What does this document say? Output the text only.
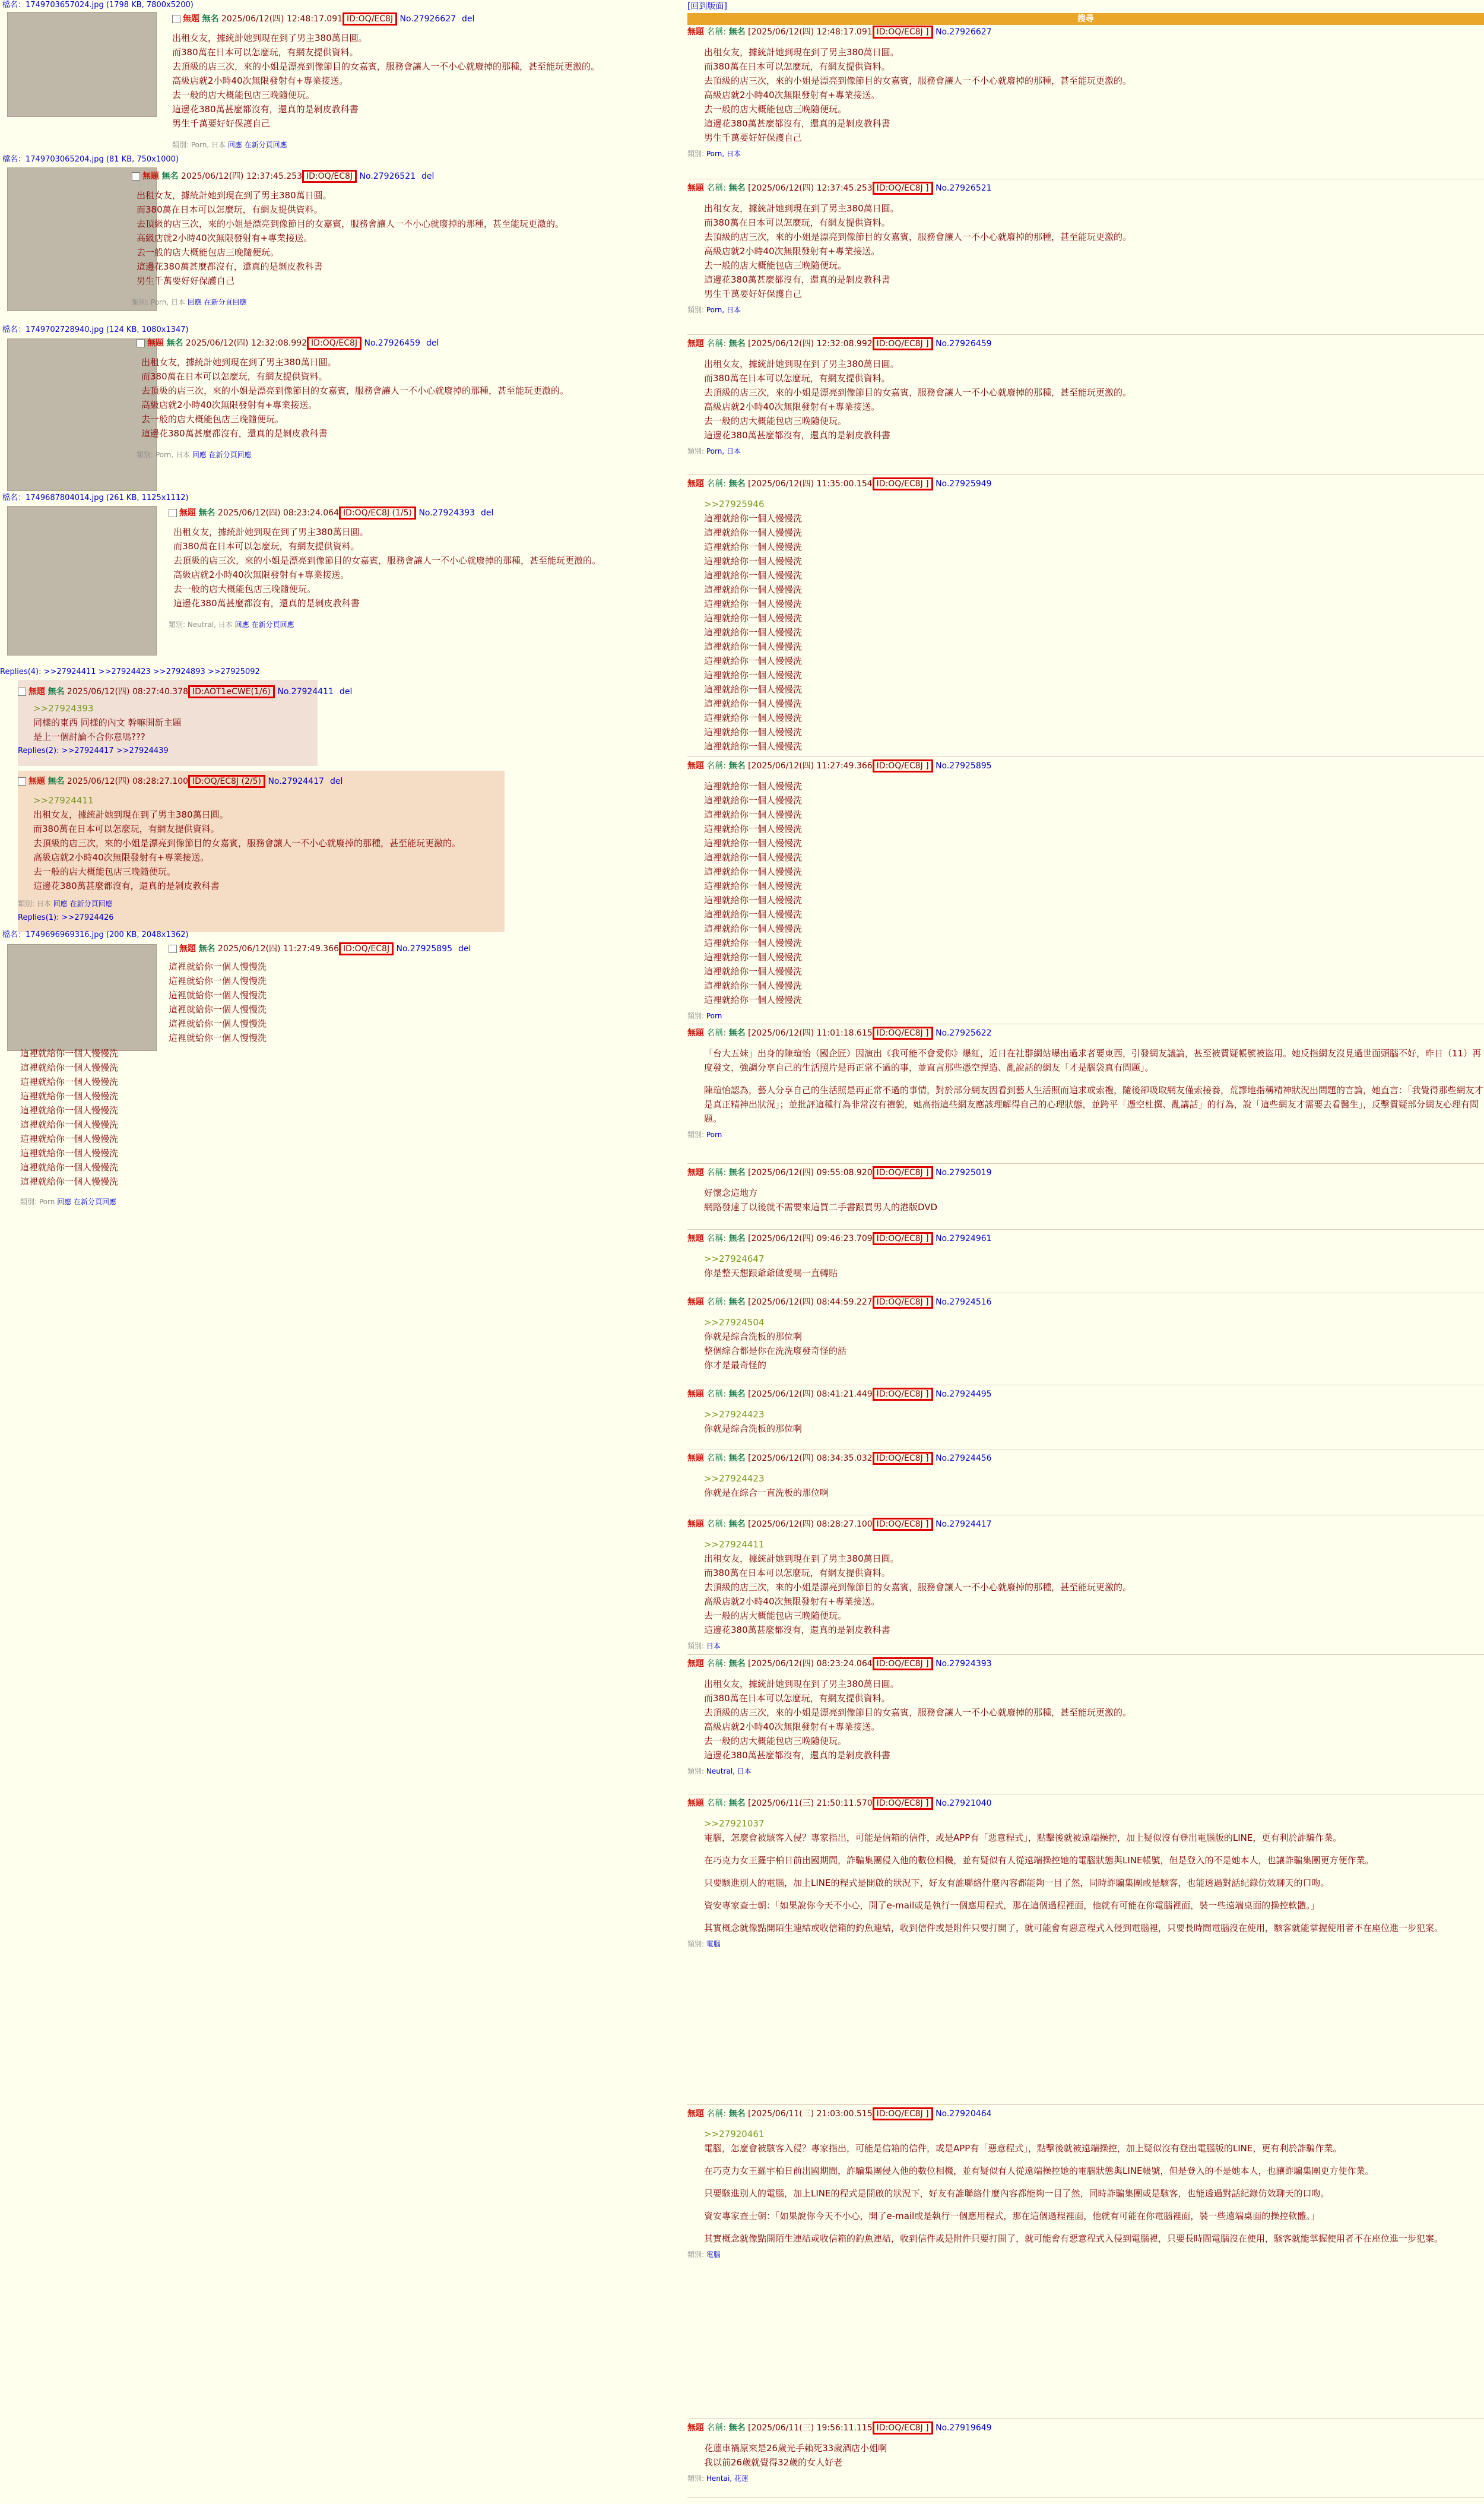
檔名：1749703657024.jpg (1798 KB, 7800x5200)
無題 無名 2025/06/12(四) 12:48:17.091 ID:OQ/EC8J No.27926627 del
出租女友，據統計她到現在到了男主380萬日圓。
而380萬在日本可以怎麼玩，有網友提供資料。
去頂級的店三次，來的小姐是漂亮到像節目的女嘉賓，服務會讓人一不小心就廢掉的那種，甚至能玩更激的。
高級店就2小時40次無限發射有+專業接送。
去一般的店大概能包店三晚隨便玩。
這邊花380萬甚麼都沒有，還真的是剝皮教科書
男生千萬要好好保護自己
類別: Porn, 日本 回應 在新分頁回應
檔名：1749703065204.jpg (81 KB, 750x1000)
無題 無名 2025/06/12(四) 12:37:45.253 ID:OQ/EC8J No.27926521 del
出租女友，據統計她到現在到了男主380萬日圓。
而380萬在日本可以怎麼玩，有網友提供資料。
去頂級的店三次，來的小姐是漂亮到像節目的女嘉賓，服務會讓人一不小心就廢掉的那種，甚至能玩更激的。
高級店就2小時40次無限發射有+專業接送。
去一般的店大概能包店三晚隨便玩。
這邊花380萬甚麼都沒有，還真的是剝皮教科書
男生千萬要好好保護自己
類別: Porn, 日本 回應 在新分頁回應
檔名：1749702728940.jpg (124 KB, 1080x1347)
無題 無名 2025/06/12(四) 12:32:08.992 ID:OQ/EC8J No.27926459 del
出租女友，據統計她到現在到了男主380萬日圓。
而380萬在日本可以怎麼玩，有網友提供資料。
去頂級的店三次，來的小姐是漂亮到像節目的女嘉賓，服務會讓人一不小心就廢掉的那種，甚至能玩更激的。
高級店就2小時40次無限發射有+專業接送。
去一般的店大概能包店三晚隨便玩。
這邊花380萬甚麼都沒有，還真的是剝皮教科書
類別: Porn, 日本 回應 在新分頁回應
檔名：1749687804014.jpg (261 KB, 1125x1112)
無題 無名 2025/06/12(四) 08:23:24.064 ID:OQ/EC8J (1/5) No.27924393 del
出租女友，據統計她到現在到了男主380萬日圓。
而380萬在日本可以怎麼玩，有網友提供資料。
去頂級的店三次，來的小姐是漂亮到像節目的女嘉賓，服務會讓人一不小心就廢掉的那種，甚至能玩更激的。
高級店就2小時40次無限發射有+專業接送。
去一般的店大概能包店三晚隨便玩。
這邊花380萬甚麼都沒有，還真的是剝皮教科書
類別: Neutral, 日本 回應 在新分頁回應
Replies(4): >>27924411 >>27924423 >>27924893 >>27925092
無題 無名 2025/06/12(四) 08:27:40.378 ID:AOT1eCWE(1/6) No.27924411 del
>>27924393
同樣的東西 同樣的內文 幹嘛開新主題
是上一個討論不合你意嗎???
Replies(2): >>27924417 >>27924439
無題 無名 2025/06/12(四) 08:28:27.100 ID:OQ/EC8J (2/5) No.27924417 del
>>27924411
出租女友，據統計她到現在到了男主380萬日圓。
而380萬在日本可以怎麼玩，有網友提供資料。
去頂級的店三次，來的小姐是漂亮到像節目的女嘉賓，服務會讓人一不小心就廢掉的那種，甚至能玩更激的。
高級店就2小時40次無限發射有+專業接送。
去一般的店大概能包店三晚隨便玩。
這邊花380萬甚麼都沒有，還真的是剝皮教科書
類別: 日本 回應 在新分頁回應
Replies(1): >>27924426
檔名：1749696969316.jpg (200 KB, 2048x1362)
無題 無名 2025/06/12(四) 11:27:49.366 ID:OQ/EC8J No.27925895 del
這裡就給你一個人慢慢洗
這裡就給你一個人慢慢洗
這裡就給你一個人慢慢洗
這裡就給你一個人慢慢洗
這裡就給你一個人慢慢洗
這裡就給你一個人慢慢洗
這裡就給你一個人慢慢洗
這裡就給你一個人慢慢洗
這裡就給你一個人慢慢洗
這裡就給你一個人慢慢洗
這裡就給你一個人慢慢洗
這裡就給你一個人慢慢洗
這裡就給你一個人慢慢洗
這裡就給你一個人慢慢洗
這裡就給你一個人慢慢洗
這裡就給你一個人慢慢洗
類別: Porn 回應 在新分頁回應
[回到版面]
搜尋
無題 名稱: 無名 [2025/06/12(四) 12:48:17.091 ID:OQ/EC8J ] No.27926627

出租女友，據統計她到現在到了男主380萬日圓。

而380萬在日本可以怎麼玩，有網友提供資料。

去頂級的店三次，來的小姐是漂亮到像節目的女嘉賓，服務會讓人一不小心就廢掉的那種，甚至能玩更激的。

高級店就2小時40次無限發射有+專業接送。

去一般的店大概能包店三晚隨便玩。

這邊花380萬甚麼都沒有，還真的是剝皮教科書

男生千萬要好好保護自己

類別: Porn, 日本
無題 名稱: 無名 [2025/06/12(四) 12:37:45.253 ID:OQ/EC8J ] No.27926521

出租女友，據統計她到現在到了男主380萬日圓。

而380萬在日本可以怎麼玩，有網友提供資料。

去頂級的店三次，來的小姐是漂亮到像節目的女嘉賓，服務會讓人一不小心就廢掉的那種，甚至能玩更激的。

高級店就2小時40次無限發射有+專業接送。

去一般的店大概能包店三晚隨便玩。

這邊花380萬甚麼都沒有，還真的是剝皮教科書

男生千萬要好好保護自己

類別: Porn, 日本
無題 名稱: 無名 [2025/06/12(四) 12:32:08.992 ID:OQ/EC8J ] No.27926459

出租女友，據統計她到現在到了男主380萬日圓。

而380萬在日本可以怎麼玩，有網友提供資料。

去頂級的店三次，來的小姐是漂亮到像節目的女嘉賓，服務會讓人一不小心就廢掉的那種，甚至能玩更激的。

高級店就2小時40次無限發射有+專業接送。

去一般的店大概能包店三晚隨便玩。

這邊花380萬甚麼都沒有，還真的是剝皮教科書

類別: Porn, 日本
無題 名稱: 無名 [2025/06/12(四) 11:35:00.154 ID:OQ/EC8J ] No.27925949

>>27925946

這裡就給你一個人慢慢洗

這裡就給你一個人慢慢洗

這裡就給你一個人慢慢洗

這裡就給你一個人慢慢洗

這裡就給你一個人慢慢洗

這裡就給你一個人慢慢洗

這裡就給你一個人慢慢洗

這裡就給你一個人慢慢洗

這裡就給你一個人慢慢洗

這裡就給你一個人慢慢洗

這裡就給你一個人慢慢洗

這裡就給你一個人慢慢洗

這裡就給你一個人慢慢洗

這裡就給你一個人慢慢洗

這裡就給你一個人慢慢洗

這裡就給你一個人慢慢洗

這裡就給你一個人慢慢洗

無題 名稱: 無名 [2025/06/12(四) 11:27:49.366 ID:OQ/EC8J ] No.27925895

這裡就給你一個人慢慢洗

這裡就給你一個人慢慢洗

這裡就給你一個人慢慢洗

這裡就給你一個人慢慢洗

這裡就給你一個人慢慢洗

這裡就給你一個人慢慢洗

這裡就給你一個人慢慢洗

這裡就給你一個人慢慢洗

這裡就給你一個人慢慢洗

這裡就給你一個人慢慢洗

這裡就給你一個人慢慢洗

這裡就給你一個人慢慢洗

這裡就給你一個人慢慢洗

這裡就給你一個人慢慢洗

這裡就給你一個人慢慢洗

這裡就給你一個人慢慢洗

類別: Porn
無題 名稱: 無名 [2025/06/12(四) 11:01:18.615 ID:OQ/EC8J ] No.27925622

「台大五妹」出身的陳瑄怡（國企匠）因演出《我可能不會愛你》爆紅，近日在社群網站曝出過求者要東西，引發網友議論，甚至被質疑帳號被盜用。她反指網友沒見過世面頭腦不好，昨日（11）再度發文，強調分享自己的生活照片是再正常不過的事，並直言那些憑空捏造、亂說話的網友「才是腦袋真有問題」。

陳瑄怡認為，藝人分享自己的生活照是再正常不過的事情，對於部分網友因看到藝人生活照而追求或索禮，隨後卻吸取網友僅索接養，荒謬地指稱精神狀況出問題的言論，她直言：「我覺得那些網友才是真正精神出狀況」；並批評這種行為非常沒有禮貌，她高指這些網友應該理解得自己的心理狀態，並跨平「憑空杜撰、亂講話」的行為，說「這些網友才需要去看醫生」，反擊質疑部分網友心理有問題。

類別: Porn
無題 名稱: 無名 [2025/06/12(四) 09:55:08.920 ID:OQ/EC8J ] No.27925019

好懷念這地方

網路發達了以後就不需要來這買二手書跟買男人的港版DVD

無題 名稱: 無名 [2025/06/12(四) 09:46:23.709 ID:OQ/EC8J ] No.27924961

>>27924647

你是整天想跟爺爺做愛嗎一直轉貼

無題 名稱: 無名 [2025/06/12(四) 08:44:59.227 ID:OQ/EC8J ] No.27924516

>>27924504

你就是綜合洗板的那位啊

整個綜合都是你在洗洗廢發奇怪的話

你才是最奇怪的

無題 名稱: 無名 [2025/06/12(四) 08:41:21.449 ID:OQ/EC8J ] No.27924495

>>27924423

你就是綜合洗板的那位啊

無題 名稱: 無名 [2025/06/12(四) 08:34:35.032 ID:OQ/EC8J ] No.27924456

>>27924423

你就是在綜合一直洗板的那位啊

無題 名稱: 無名 [2025/06/12(四) 08:28:27.100 ID:OQ/EC8J ] No.27924417

>>27924411

出租女友，據統計她到現在到了男主380萬日圓。

而380萬在日本可以怎麼玩，有網友提供資料。

去頂級的店三次，來的小姐是漂亮到像節目的女嘉賓，服務會讓人一不小心就廢掉的那種，甚至能玩更激的。

高級店就2小時40次無限發射有+專業接送。

去一般的店大概能包店三晚隨便玩。

這邊花380萬甚麼都沒有，還真的是剝皮教科書

類別: 日本
無題 名稱: 無名 [2025/06/12(四) 08:23:24.064 ID:OQ/EC8J ] No.27924393

出租女友，據統計她到現在到了男主380萬日圓。

而380萬在日本可以怎麼玩，有網友提供資料。

去頂級的店三次，來的小姐是漂亮到像節目的女嘉賓，服務會讓人一不小心就廢掉的那種，甚至能玩更激的。

高級店就2小時40次無限發射有+專業接送。

去一般的店大概能包店三晚隨便玩。

這邊花380萬甚麼都沒有，還真的是剝皮教科書

類別: Neutral, 日本
無題 名稱: 無名 [2025/06/11(三) 21:50:11.570 ID:OQ/EC8J ] No.27921040

>>27921037

電腦，怎麼會被駭客入侵？專家指出，可能是信箱的信件，或是APP有「惡意程式」，點擊後就被遠端操控，加上疑似沒有登出電腦版的LINE，更有利於詐騙作業。

在巧克力女王羅宇柏日前出國期間，詐騙集團侵入他的數位相機，並有疑似有人從遠端操控她的電腦狀態與LINE帳號，但是登入的不是她本人，也讓詐騙集團更方便作業。

只要駭進別人的電腦，加上LINE的程式是開啟的狀況下，好友有誰聯絡什麼內容都能夠一目了然，同時詐騙集團或是駭客，也能透過對話紀錄仿效聊天的口吻。

資安專家查士朝：「如果說你今天不小心，開了e-mail或是執行一個應用程式，那在這個過程裡面，他就有可能在你電腦裡面，裝一些遠端桌面的操控軟體。」

其實概念就像點開陌生連結或收信箱的釣魚連結，收到信件或是附件只要打開了，就可能會有惡意程式入侵到電腦裡，只要長時間電腦沒在使用，駭客就能掌握使用者不在座位進一步犯案。

類別: 電腦
無題 名稱: 無名 [2025/06/11(三) 21:03:00.515 ID:OQ/EC8J ] No.27920464

>>27920461

電腦，怎麼會被駭客入侵？專家指出，可能是信箱的信件，或是APP有「惡意程式」，點擊後就被遠端操控，加上疑似沒有登出電腦版的LINE，更有利於詐騙作業。

在巧克力女王羅宇柏日前出國期間，詐騙集團侵入他的數位相機，並有疑似有人從遠端操控她的電腦狀態與LINE帳號，但是登入的不是她本人，也讓詐騙集團更方便作業。

只要駭進別人的電腦，加上LINE的程式是開啟的狀況下，好友有誰聯絡什麼內容都能夠一目了然，同時詐騙集團或是駭客，也能透過對話紀錄仿效聊天的口吻。

資安專家查士朝：「如果說你今天不小心，開了e-mail或是執行一個應用程式，那在這個過程裡面，他就有可能在你電腦裡面，裝一些遠端桌面的操控軟體。」

其實概念就像點開陌生連結或收信箱的釣魚連結，收到信件或是附件只要打開了，就可能會有惡意程式入侵到電腦裡，只要長時間電腦沒在使用，駭客就能掌握使用者不在座位進一步犯案。

類別: 電腦
無題 名稱: 無名 [2025/06/11(三) 19:56:11.115 ID:OQ/EC8J ] No.27919649

花蓮車禍原來是26歲光手賴死33歲酒店小姐啊

我以前26歲就覺得32歲的女人好老

類別: Hentai, 花蓮
